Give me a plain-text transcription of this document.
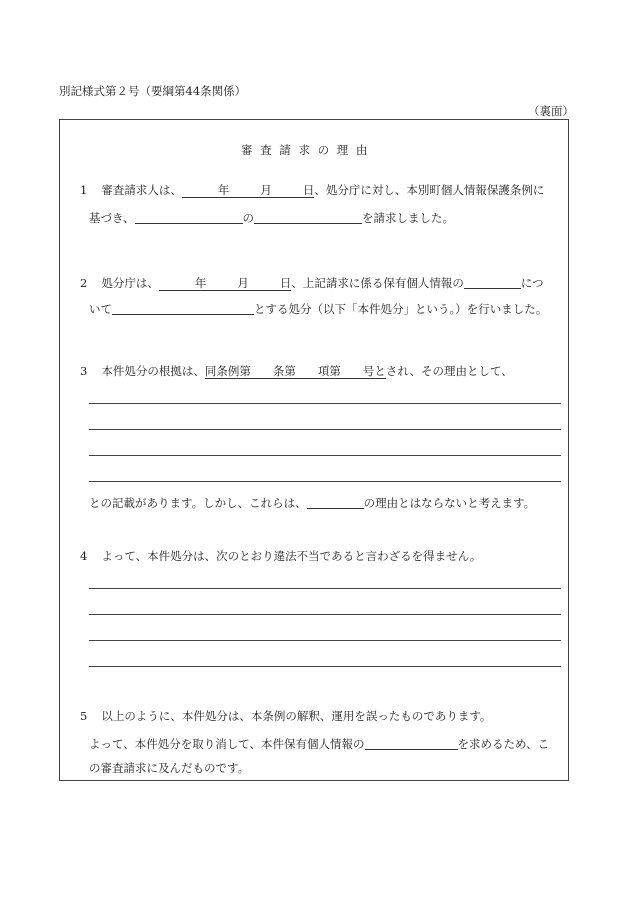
別記様式第２号（要綱第44条関係）
（裏面）
審 査 請 求 の 理 由
1 審査請求人は、	年	月	日、処分庁に対し、本別町個人情報保護条例に
基づき、	の	を請求しました。
2 処分庁は、	年	月	日、上記請求に係る保有個人情報の	につ
いて	とする処分（以下「本件処分」という。）を行いました。
3 本件処分の根拠は、同条例第 条第 項第 号とされ、その理由として、
との記載があります。しかし、これらは、	の理由とはならないと考えます。
4 よって、本件処分は、次のとおり違法不当であると言わざるを得ません。
5 以上のように、本件処分は、本条例の解釈、運用を誤ったものであります。
よって、本件処分を取り消して、本件保有個人情報の	を求めるため、こ
の審査請求に及んだものです。
